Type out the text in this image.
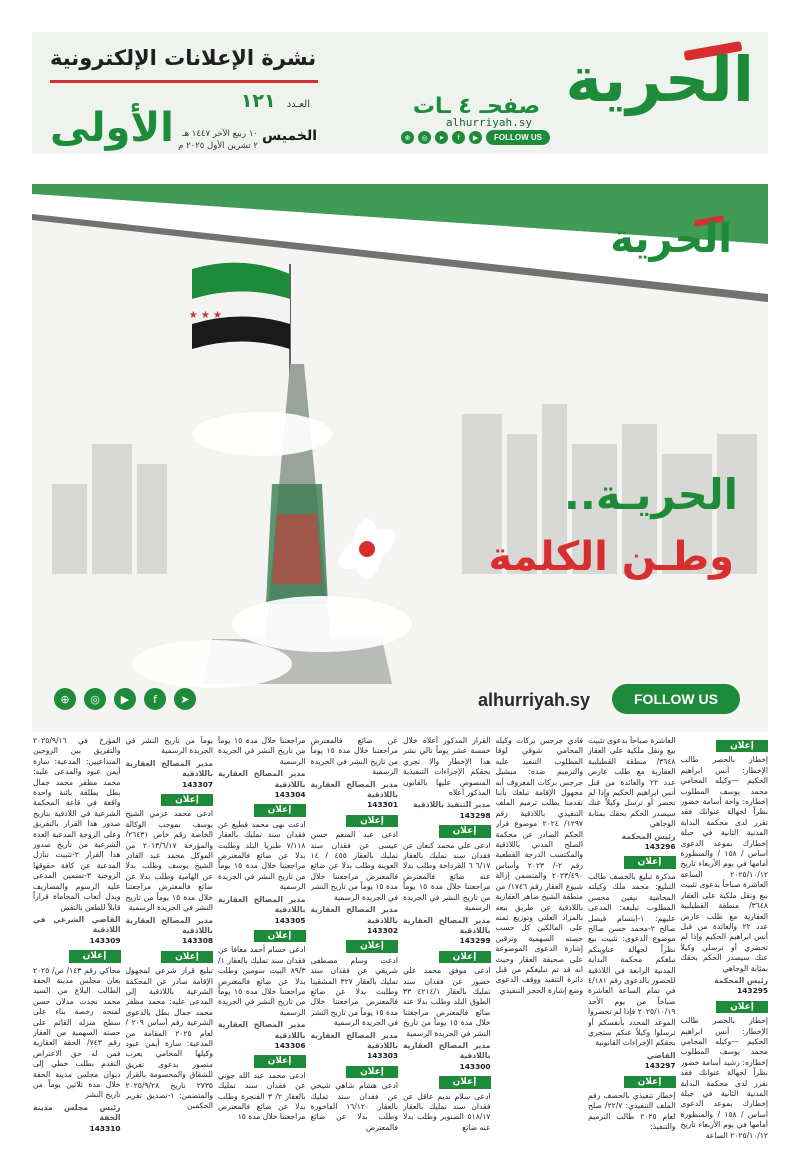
الحرية
صفحـ ٤ ـات
alhurriyah.sy
FOLLOW US
▶
f
➤
◎
⊕
نشرة الإعلانات الإلكترونية
العـدد ١٢١
الخميس
١٠ ربيع الآخر ١٤٤٧ هـ
٢ تشرين الأول ٢٠٢٥ م
الأولى
★ ★ ★
الحرية
الحريـة..
وطـن الكلمة
FOLLOW US
alhurriyah.sy
⊕	◎	▶	f	➤
إعلان
إخطار بالحصر طالب الإخطار: أنس ابراهيم الحكيم —وكيله المحامي محمد يوسف المطلوب إخطاره: واحة أسامة خضور نظراً لجهالة عنوانك فقد تقرر لدى محكمة البداية المدنية الثانية في جبلة إخطارك بموعد الدعوى أساس / ١٥٨ / والمنظورة أمامها في يوم الأربعاء تاريخ ٢٠٢٥/١٠/١٢ الساعة العاشرة صباحاً بدعوى تثبيت بيع ونقل ملكية على العقار ٣٦٤٨/ منطقة القطيلبية العقارية مع طلب عارض عدد ٢٢ والعائدة من قبل أنس ابراهيم الحكيم وإذا لم تحضري أو ترسلي وكيلاً عنك سيصدر الحكم بحقك بمثابة الوجاهي
رئيس المحكمة
143295
إعلان
إخطار بالحصر طالب الإخطار: أنس ابراهيم الحكيم —وكيله المحامي محمد يوسف المطلوب إخطاره: رشيد أسامة خضور نظراً لجهالة عنوانك فقد تقرر لدى محكمة البداية المدنية الثانية في جبلة إخطارك بموعد الدعوى أساس / ١٥٨ / والمنظورة أمامها في يوم الأربعاء تاريخ ٢٠٢٥/١٠/١٢ الساعة
العاشرة صباحاً بدعوى تثبيت بيع ونقل ملكية على العقار ٣٦٤٨/ منطقة القطيلبية العقارية مع طلب عارض عدد ٢٢ والعائدة من قبل أنس ابراهيم الحكيم وإذا لم تحضر أو ترسل وكيلاً عنك سيصدر الحكم بحقك بمثابة الوجاهي
رئيس المحكمة
143296
إعلان
مذكرة تبليغ بالحصف طالب التبليغ: محمد ملك وكيلته المحامية نيفين محسن المطلوب تبليغه: المدعى عليهم: ١-ابتسام فيصل صالح ٢-محمد حسن صالح موضوع الدعوى: تثبيت بيع نظراً لجهالة عناوينكم تبلغكم محكمة البداية المدنية الرابعة في اللاذقية للحضور بالدعوى رقم ٤/١٨١ في تمام الساعة العاشرة صباحاً من يوم الأحد ٢٠٢٥/١٠/١٩ فإذا لم تحضروا الموعد المحدد بأنفسكم أو ترسلوا وكيلاً عنكم ستجري بحقكم الإجراءات القانونية
القاضي
143297
إعلان
إخطار تنفيذي بالحصف رقم الملف التنفيذي: ٢٢/٧/ صلح لعام ٢٠٢٥ طالب الترميم والتنفيذ:
فادي جرجس بركات وكيله المحامي شوقي لوقا المطلوب التنفيذ عليه والترميم ضده: ميشيل جرجس بركات المعروف أنه مجهول الإقامة تبلغك بأننا تقدمنا بطلب ترميم الملف التنفيذي باللاذقية رقم ١٢٩٧/ ٢٠٢٤ موضوع قرار الحكم الصادر عن محكمة الصلح المدني باللاذقية والمكتسب الدرجة القطعية رقم ٢-/ ٢٠٢٣ وأساس ٢٠٢٣/٤٩٠ والمتضمن إزالة شيوع العقار رقم ١٧٤٦/ من منطقة الشيخ ضاهر العقارية باللاذقية عن طريق بيعه بالمزاد العلني وتوزيع ثمنه على المالكين كل حسب حصته السهمية وترقين إشارة الدعوى الموضوعة على صحيفة العقار وحيث انه قد تم تبليغكم من قبل دائرة التنفيذ ووقف الدعوى وضع إشارة الحجز التنفيذي
القرار المذكور أعلاه خلال خمسة عشر يوماً تالي نشر هذا الإخطار والا تجري بحقكم الإجراءات التنفيذية المنصوص عليها بالقانون المذكور أعلاه
مدير التنفيذ باللاذقية
143298
إعلان
ادعى علي محمد كنعان عن فقدان سند تمليك بالعقار ٦/١٧ ٦ القرداحة وطلب بدلا عنه ضائع فالمعترض مراجعتنا خلال مدة ١٥ يوماً من تاريخ النشر في الجريدة الرسمية
مدير المصالح العقارية باللاذقية
143299
إعلان
ادعى موفق محمد علي خضور عن فقدان سند تمليك بالعقار ٤٢١٤/١ ٣٣ الطوق البلد وطلب بدلا عنه ضائع فالمعترض مراجعتنا خلال مدة ١٥ يوماً من تاريخ النشر في الجريدة الرسمية
مدير المصالح العقارية باللاذقية
143300
إعلان
ادعى سلام نديم عاقل عن فقدان سند تمليك بالعقار ٥١٨/١٧ الصنوبر وطلب بدلا عنه ضائع
عن ضائع فالمعترض مراجعتنا خلال مدة ١٥ يوماً من تاريخ النشر في الجريدة الرسمية
مدير المصالح العقارية باللاذقية
143301
إعلان
ادعى عبد المنعم حسن عيسى عن فقدان سند تمليك بالعقار ٤٥٥ / ١٤ العوينة وطلب بدلا عن ضائع فالمعترض مراجعتنا خلال مدة ١٥ يوماً من تاريخ النشر في الجريدة الرسمية
مدير المصالح العقارية باللاذقية
143302
إعلان
ادعت وسام مصطفى شريقي عن فقدان سند تمليك بالعقار ٣٢٧ المشقيتا وطلبت بدلا عن ضائع فالمعترض مراجعتنا خلال مدة ١٥ يوماً من تاريخ النشر في الجريدة الرسمية
مدير المصالح العقارية باللاذقية
143303
إعلان
ادعى هشام شاهي شيخي عن فقدان سند تمليك بالعقار ١٦/١٢٠ الفاخورة وطلب بدلا عن ضائع فالمعترض
مراجعتنا خلال مدة ١٥ يوماً من تاريخ النشر في الجريدة الرسمية
مدير المصالح العقارية باللاذقية
143304
إعلان
ادعت نهى محمد قطيع عن فقدان سند تمليك بالعقار ٧/١١٨ طبريا البلد وطلبت بدلا عن ضائع فالمعترض مراجعتنا خلال مدة ١٥ يوماً من تاريخ النشر في الجريدة الرسمية
مدير المصالح العقارية باللاذقية
143305
إعلان
ادعى حسام أحمد معافا عن فقدان سند تمليك بالعقار ١/ ٨٩/٣ البيت سومين وطلب بدلا عن ضائع فالمعترض مراجعتنا خلال مدة ١٥ يوماً من تاريخ النشر في الجريدة الرسمية
مدير المصالح العقارية باللاذقية
143306
إعلان
ادعى محمد عبد الله جوني عن فقدان سند تمليك بالعقار ٢/ ٣ الفنجرة وطلب بدلا عن ضائع فالمعترض مراجعتنا خلال مدة ١٥
يوماً من تاريخ النشر في الجريدة الرسمية
مدير المصالح العقارية باللاذقية
143307
إعلان
ادعى محمد عزمي الشيخ يوسف بموجب الوكالة الخاصة رقم خاص ٢٦٤٣١/ والمؤرخة ٢٠١٣/٦/١٧ من الموكل محمد عبد القادر الشيخ يوسف وطلب بدلا عن الهامية وطلب بدلا عن ضائع فالمعترض مراجعتنا خلال مدة ١٥ يوماً من تاريخ النشر في الجريدة الرسمية
مدير المصالح العقارية باللاذقية
143308
إعلان
تبليغ قرار شرعي لمجهول الإقامة صادر عن المحكمة الشرعية باللاذقية إلى المدعى عليه: محمد مظفر محمد جمال بطل بالدعوى الشرعية رقم أساس ٢٠٩ / لعام ٢٠٢٥ المقامة من المدعية: سارة أيمن عبود وكيلها المحامي يعرب منصور بدعوى تفريق للشقاق والمحسومة بالقرار ٢٧٣٥ تاريخ ٢٠٢٥/٩/٢٨ والمتضمن: ١-تصديق تقرير الحكمين
المؤرخ في ٢٠٢٥/٩/١٦ والتفريق بين الزوجين المتداعيين: المدعية: سارة أيمن عبود والمدعى عليه: محمد مظفر محمد جمال بطل بطلقة بائنة واحدة واقعة في قاعة المحكمة الشرعية في اللاذقية بتاريخ صدور هذا القرار بالتفريق وعلى الزوجة المدعية العدة الشرعية من تاريخ صدور هذا القرار ٢-تثبيت تنازل المدعية عن كافة حقوقها الزوجية ٣-تضمين المدعى عليه الرسوم والمصاريف وبدل أتعاب المحاماة قراراً قابلاً للطعن بالنقض
القاضي الشرعي في اللاذقية
143309
إعلان
محاكي رقم ١٤٣/ ص/ ٢٠٢٥ بعان مجلس مدينة الحفة الطالب البلاغ من السيد محمد نجدت مدلان حسن لمنحه رخصة بناء على سطح منزله القائم على حصته السهمية من العقار رقم ٧٤٣/ الحفة العقارية فمن له حق الاعتراض التقدم بطلب خطي إلى ديوان مجلس مدينة الحفة خلال مدة ثلاثين يوماً من تاريخ النشر
رئيس مجلس مدينة الحفة
143310
